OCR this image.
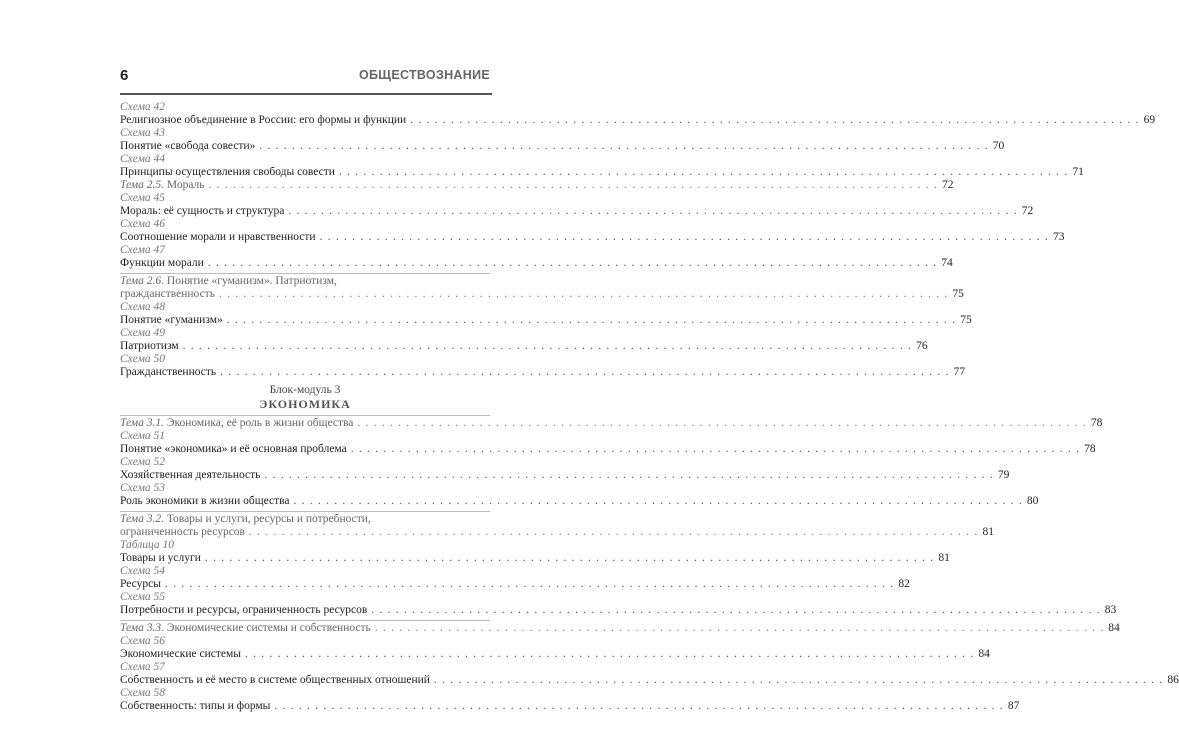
6	ОБЩЕСТВОЗНАНИЕ
Схема 42
Религиозное объединение в России: его формы и функции . . . . . . . . . . . . . . . . . . . . . . . . . . . . . . . . . . . . . . . . . . . . . . . . . . . . . . . . . . . . . . . . . . . . . . . . . . . . . . . . . . . . . . . . . . 69
Схема 43
Понятие «свобода совести» . . . . . . . . . . . . . . . . . . . . . . . . . . . . . . . . . . . . . . . . . . . . . . . . . . . . . . . . . . . . . . . . . . . . . . . . . . . . . . . . . . . . . . . . . . 70
Схема 44
Принципы осуществления свободы совести . . . . . . . . . . . . . . . . . . . . . . . . . . . . . . . . . . . . . . . . . . . . . . . . . . . . . . . . . . . . . . . . . . . . . . . . . . . . . . . . . . . . . . . . . . 71
Тема 2.5. Мораль . . . . . . . . . . . . . . . . . . . . . . . . . . . . . . . . . . . . . . . . . . . . . . . . . . . . . . . . . . . . . . . . . . . . . . . . . . . . . . . . . . . . . . . . . . 72
Схема 45
Мораль: её сущность и структура . . . . . . . . . . . . . . . . . . . . . . . . . . . . . . . . . . . . . . . . . . . . . . . . . . . . . . . . . . . . . . . . . . . . . . . . . . . . . . . . . . . . . . . . . . 72
Схема 46
Соотношение морали и нравственности . . . . . . . . . . . . . . . . . . . . . . . . . . . . . . . . . . . . . . . . . . . . . . . . . . . . . . . . . . . . . . . . . . . . . . . . . . . . . . . . . . . . . . . . . . 73
Схема 47
Функции морали . . . . . . . . . . . . . . . . . . . . . . . . . . . . . . . . . . . . . . . . . . . . . . . . . . . . . . . . . . . . . . . . . . . . . . . . . . . . . . . . . . . . . . . . . . 74
Тема 2.6. Понятие «гуманизм». Патриотизм,
гражданственность . . . . . . . . . . . . . . . . . . . . . . . . . . . . . . . . . . . . . . . . . . . . . . . . . . . . . . . . . . . . . . . . . . . . . . . . . . . . . . . . . . . . . . . . . . 75
Схема 48
Понятие «гуманизм» . . . . . . . . . . . . . . . . . . . . . . . . . . . . . . . . . . . . . . . . . . . . . . . . . . . . . . . . . . . . . . . . . . . . . . . . . . . . . . . . . . . . . . . . . . 75
Схема 49
Патриотизм . . . . . . . . . . . . . . . . . . . . . . . . . . . . . . . . . . . . . . . . . . . . . . . . . . . . . . . . . . . . . . . . . . . . . . . . . . . . . . . . . . . . . . . . . . 76
Схема 50
Гражданственность . . . . . . . . . . . . . . . . . . . . . . . . . . . . . . . . . . . . . . . . . . . . . . . . . . . . . . . . . . . . . . . . . . . . . . . . . . . . . . . . . . . . . . . . . . 77
Блок-модуль 3
ЭКОНОМИКА
Тема 3.1. Экономика, её роль в жизни общества . . . . . . . . . . . . . . . . . . . . . . . . . . . . . . . . . . . . . . . . . . . . . . . . . . . . . . . . . . . . . . . . . . . . . . . . . . . . . . . . . . . . . . . . . . 78
Схема 51
Понятие «экономика» и её основная проблема . . . . . . . . . . . . . . . . . . . . . . . . . . . . . . . . . . . . . . . . . . . . . . . . . . . . . . . . . . . . . . . . . . . . . . . . . . . . . . . . . . . . . . . . . . 78
Схема 52
Хозяйственная деятельность . . . . . . . . . . . . . . . . . . . . . . . . . . . . . . . . . . . . . . . . . . . . . . . . . . . . . . . . . . . . . . . . . . . . . . . . . . . . . . . . . . . . . . . . . . 79
Схема 53
Роль экономики в жизни общества . . . . . . . . . . . . . . . . . . . . . . . . . . . . . . . . . . . . . . . . . . . . . . . . . . . . . . . . . . . . . . . . . . . . . . . . . . . . . . . . . . . . . . . . . . 80
Тема 3.2. Товары и услуги, ресурсы и потребности,
ограниченность ресурсов . . . . . . . . . . . . . . . . . . . . . . . . . . . . . . . . . . . . . . . . . . . . . . . . . . . . . . . . . . . . . . . . . . . . . . . . . . . . . . . . . . . . . . . . . . 81
Таблица 10
Товары и услуги . . . . . . . . . . . . . . . . . . . . . . . . . . . . . . . . . . . . . . . . . . . . . . . . . . . . . . . . . . . . . . . . . . . . . . . . . . . . . . . . . . . . . . . . . . 81
Схема 54
Ресурсы . . . . . . . . . . . . . . . . . . . . . . . . . . . . . . . . . . . . . . . . . . . . . . . . . . . . . . . . . . . . . . . . . . . . . . . . . . . . . . . . . . . . . . . . . . 82
Схема 55
Потребности и ресурсы, ограниченность ресурсов . . . . . . . . . . . . . . . . . . . . . . . . . . . . . . . . . . . . . . . . . . . . . . . . . . . . . . . . . . . . . . . . . . . . . . . . . . . . . . . . . . . . . . . . . . 83
Тема 3.3. Экономические системы и собственность . . . . . . . . . . . . . . . . . . . . . . . . . . . . . . . . . . . . . . . . . . . . . . . . . . . . . . . . . . . . . . . . . . . . . . . . . . . . . . . . . . . . . . . . . . 84
Схема 56
Экономические системы . . . . . . . . . . . . . . . . . . . . . . . . . . . . . . . . . . . . . . . . . . . . . . . . . . . . . . . . . . . . . . . . . . . . . . . . . . . . . . . . . . . . . . . . . . 84
Схема 57
Собственность и её место в системе общественных отношений . . . . . . . . . . . . . . . . . . . . . . . . . . . . . . . . . . . . . . . . . . . . . . . . . . . . . . . . . . . . . . . . . . . . . . . . . . . . . . . . . . . . . . . . . . 86
Схема 58
Собственность: типы и формы . . . . . . . . . . . . . . . . . . . . . . . . . . . . . . . . . . . . . . . . . . . . . . . . . . . . . . . . . . . . . . . . . . . . . . . . . . . . . . . . . . . . . . . . . . 87
